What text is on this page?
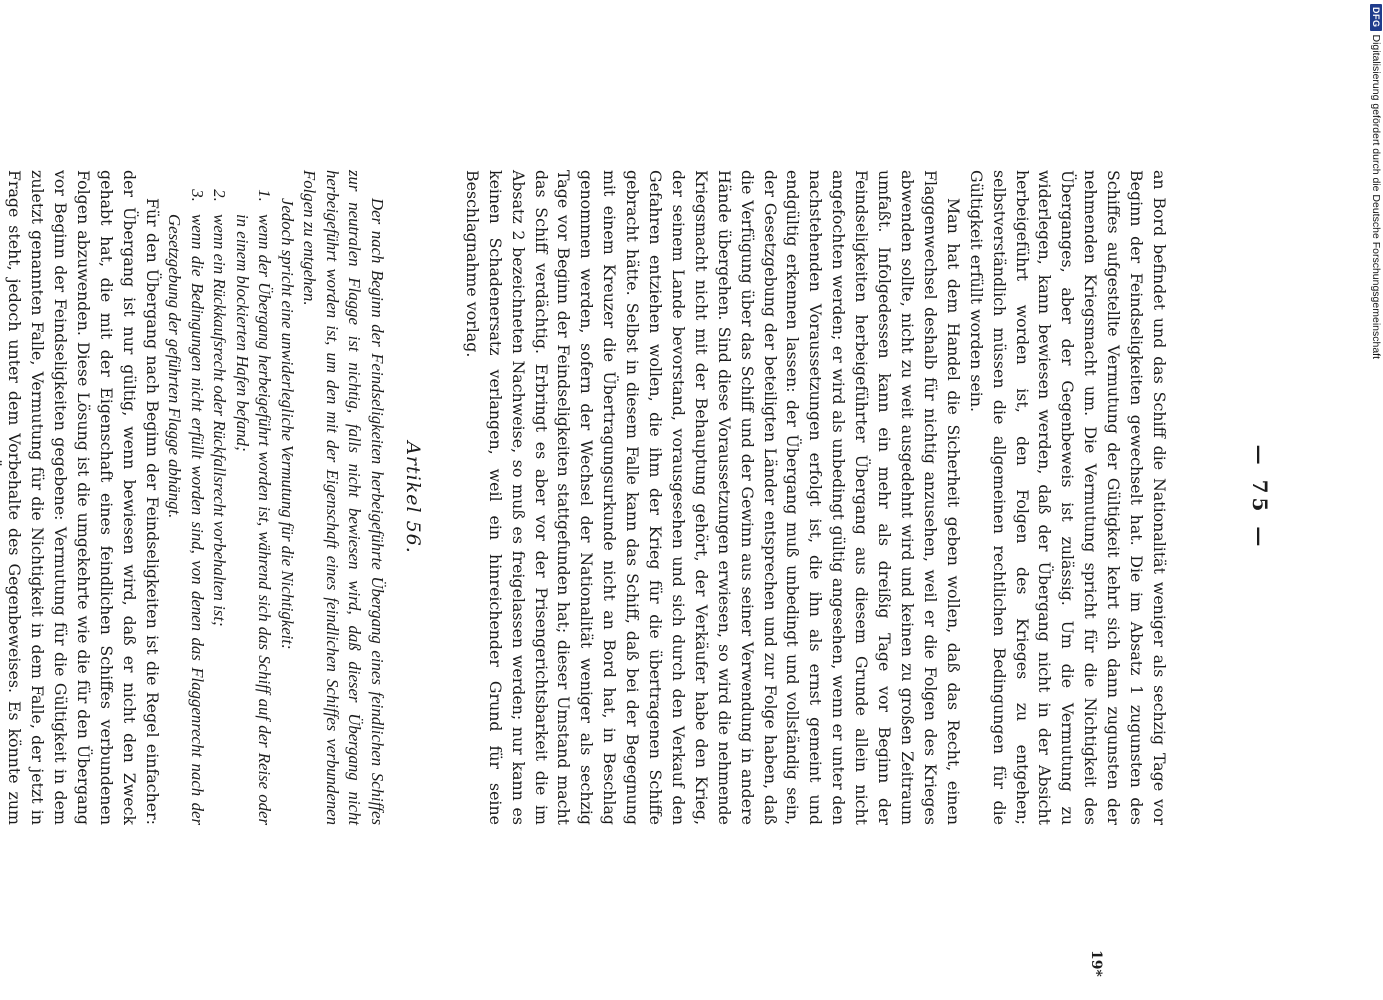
— 75 —

an Bord befindet und das Schiff die Nationalität weniger als sechzig Tage vor Beginn der Feindseligkeiten gewechselt hat. Die im Absatz 1 zugunsten des Schiffes aufgestellte Vermutung der Gültigkeit kehrt sich dann zugunsten der nehmenden Kriegsmacht um. Die Vermutung spricht für die Nichtigkeit des Überganges, aber der Gegenbeweis ist zulässig. Um die Vermutung zu widerlegen, kann bewiesen werden, daß der Übergang nicht in der Absicht herbeigeführt worden ist, den Folgen des Krieges zu entgehen; selbstverständlich müssen die allgemeinen rechtlichen Bedingungen für die Gültigkeit erfüllt worden sein.

Man hat dem Handel die Sicherheit geben wollen, daß das Recht, einen Flaggenwechsel deshalb für nichtig anzusehen, weil er die Folgen des Krieges abwenden sollte, nicht zu weit ausgedehnt wird und keinen zu großen Zeitraum umfaßt. Infolgedessen kann ein mehr als dreißig Tage vor Beginn der Feindseligkeiten herbeigeführter Übergang aus diesem Grunde allein nicht angefochten werden; er wird als unbedingt gültig angesehen, wenn er unter den nachstehenden Voraussetzungen erfolgt ist, die ihn als ernst gemeint und endgültig erkennen lassen: der Übergang muß unbedingt und vollständig sein, der Gesetzgebung der beteiligten Länder entsprechen und zur Folge haben, daß die Verfügung über das Schiff und der Gewinn aus seiner Verwendung in andere Hände übergehen. Sind diese Voraussetzungen erwiesen, so wird die nehmende Kriegsmacht nicht mit der Behauptung gehört, der Verkäufer habe den Krieg, der seinem Lande bevorstand, vorausgesehen und sich durch den Verkauf den Gefahren entziehen wollen, die ihm der Krieg für die übertragenen Schiffe gebracht hätte. Selbst in diesem Falle kann das Schiff, daß bei der Begegnung mit einem Kreuzer die Übertragungsurkunde nicht an Bord hat, in Beschlag genommen werden, sofern der Wechsel der Nationalität weniger als sechzig Tage vor Beginn der Feindseligkeiten stattgefunden hat; dieser Umstand macht das Schiff verdächtig. Erbringt es aber vor der Prisengerichtsbarkeit die im Absatz 2 bezeichneten Nachweise, so muß es freigelassen werden; nur kann es keinen Schadenersatz verlangen, weil ein hinreichender Grund für seine Beschlagnahme vorlag.

Artikel 56.

Der nach Beginn der Feindseligkeiten herbeigeführte Übergang eines feindlichen Schiffes zur neutralen Flagge ist nichtig, falls nicht bewiesen wird, daß dieser Übergang nicht herbeigeführt worden ist, um den mit der Eigenschaft eines feindlichen Schiffes verbundenen Folgen zu entgehen.

Jedoch spricht eine unwiderlegliche Vermutung für die Nichtigkeit:

1. wenn der Übergang herbeigeführt worden ist, während sich das Schiff auf der Reise oder in einem blockierten Hafen befand;
2. wenn ein Rückkaufsrecht oder Rückfallsrecht vorbehalten ist;
3. wenn die Bedingungen nicht erfüllt worden sind, von denen das Flaggenrecht nach der Gesetzgebung der geführten Flagge abhängt.

Für den Übergang nach Beginn der Feindseligkeiten ist die Regel einfacher: der Übergang ist nur gültig, wenn bewiesen wird, daß er nicht den Zweck gehabt hat, die mit der Eigenschaft eines feindlichen Schiffes verbundenen Folgen abzuwenden. Diese Lösung ist die umgekehrte wie die für den Übergang vor Beginn der Feindseligkeiten gegebene: Vermutung für die Gültigkeit in dem zuletzt genannten Falle, Vermutung für die Nichtigkeit in dem Falle, der jetzt in Frage steht, jedoch unter dem Vorbehalte des Gegenbeweises. Es könnte zum

19*
DFG
Digitalisierung gefördert durch die Deutsche Forschungsgemeinschaft
